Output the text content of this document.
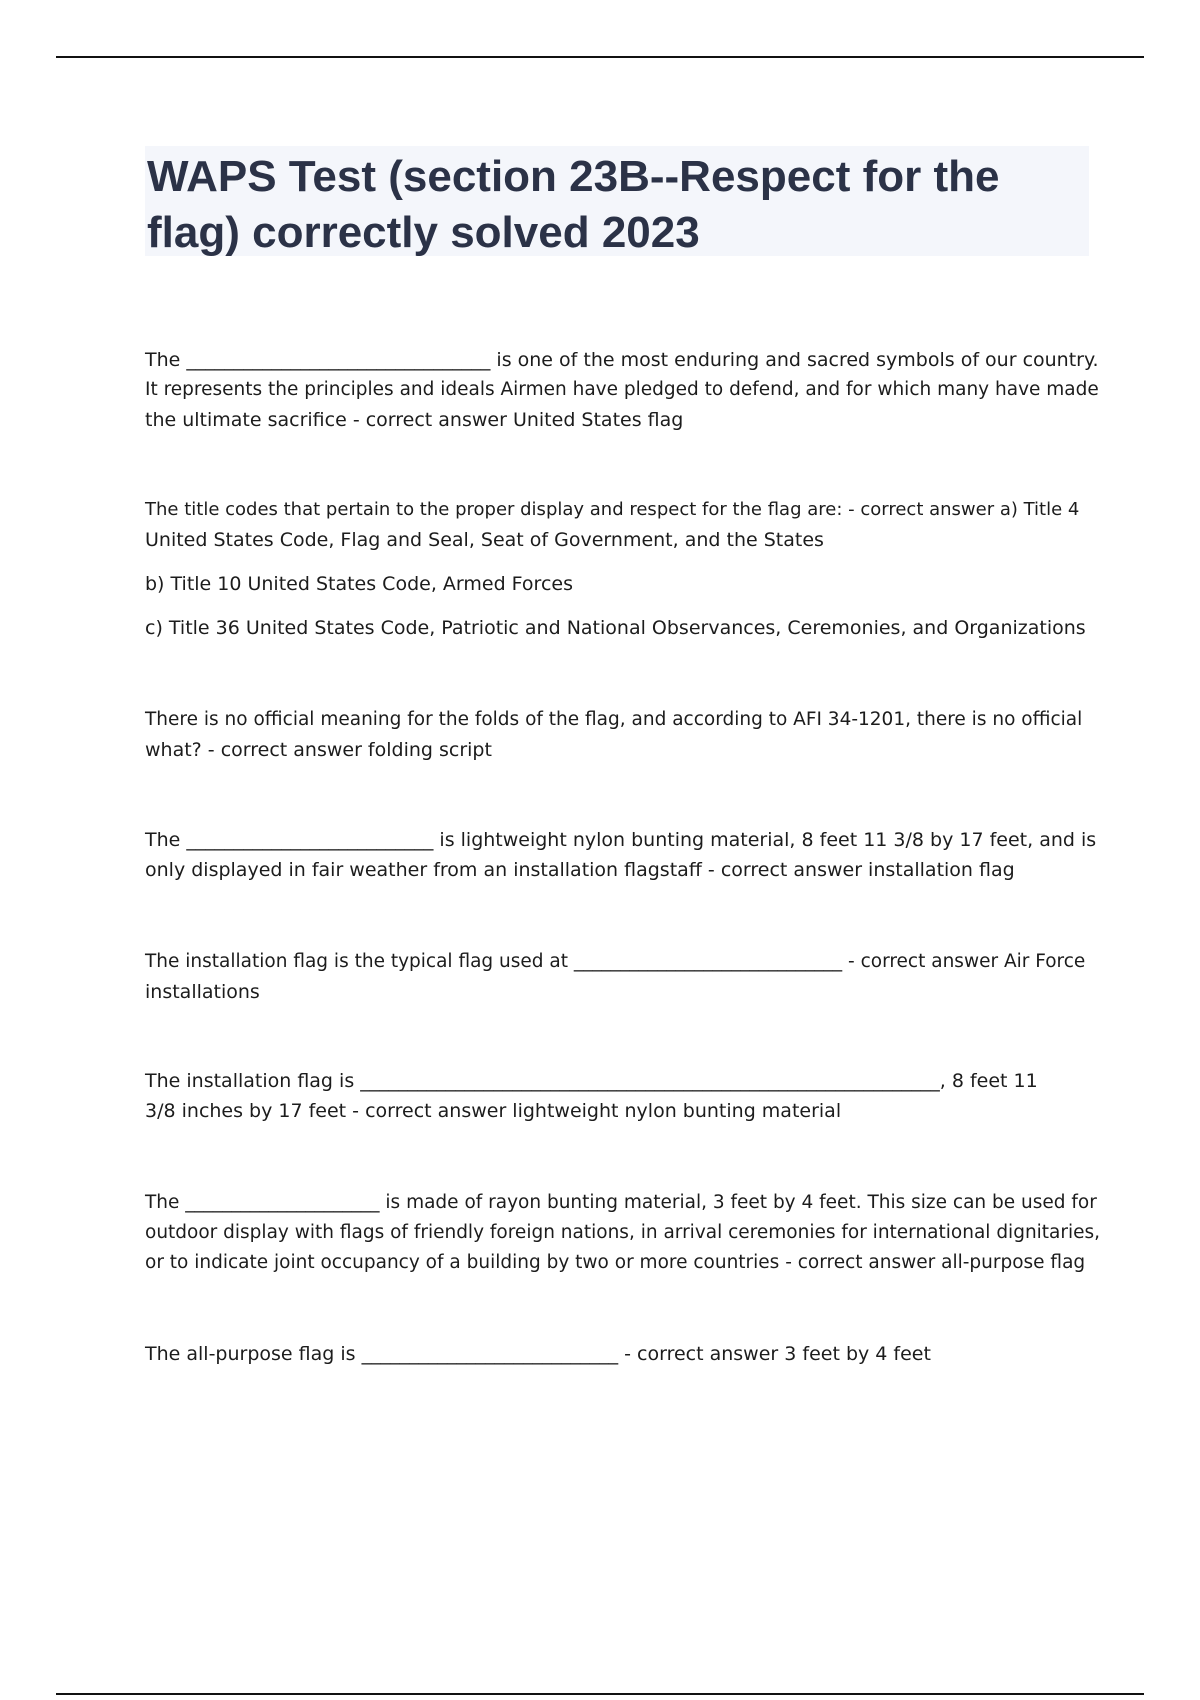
WAPS Test (section 23B--Respect for the
flag) correctly solved 2023
The ________________________________ is one of the most enduring and sacred symbols of our country.
It represents the principles and ideals Airmen have pledged to defend, and for which many have made
the ultimate sacrifice - correct answer United States flag
The title codes that pertain to the proper display and respect for the flag are: - correct answer a) Title 4
United States Code, Flag and Seal, Seat of Government, and the States
b) Title 10 United States Code, Armed Forces
c) Title 36 United States Code, Patriotic and National Observances, Ceremonies, and Organizations
There is no official meaning for the folds of the flag, and according to AFI 34-1201, there is no official
what? - correct answer folding script
The __________________________ is lightweight nylon bunting material, 8 feet 11 3/8 by 17 feet, and is
only displayed in fair weather from an installation flagstaff - correct answer installation flag
The installation flag is the typical flag used at _____________________________ - correct answer Air Force
installations
The installation flag is _____________________________________________________________, 8 feet 11
3/8 inches by 17 feet - correct answer lightweight nylon bunting material
The _____________________ is made of rayon bunting material, 3 feet by 4 feet. This size can be used for
outdoor display with flags of friendly foreign nations, in arrival ceremonies for international dignitaries,
or to indicate joint occupancy of a building by two or more countries - correct answer all-purpose flag
The all-purpose flag is ___________________________ - correct answer 3 feet by 4 feet
